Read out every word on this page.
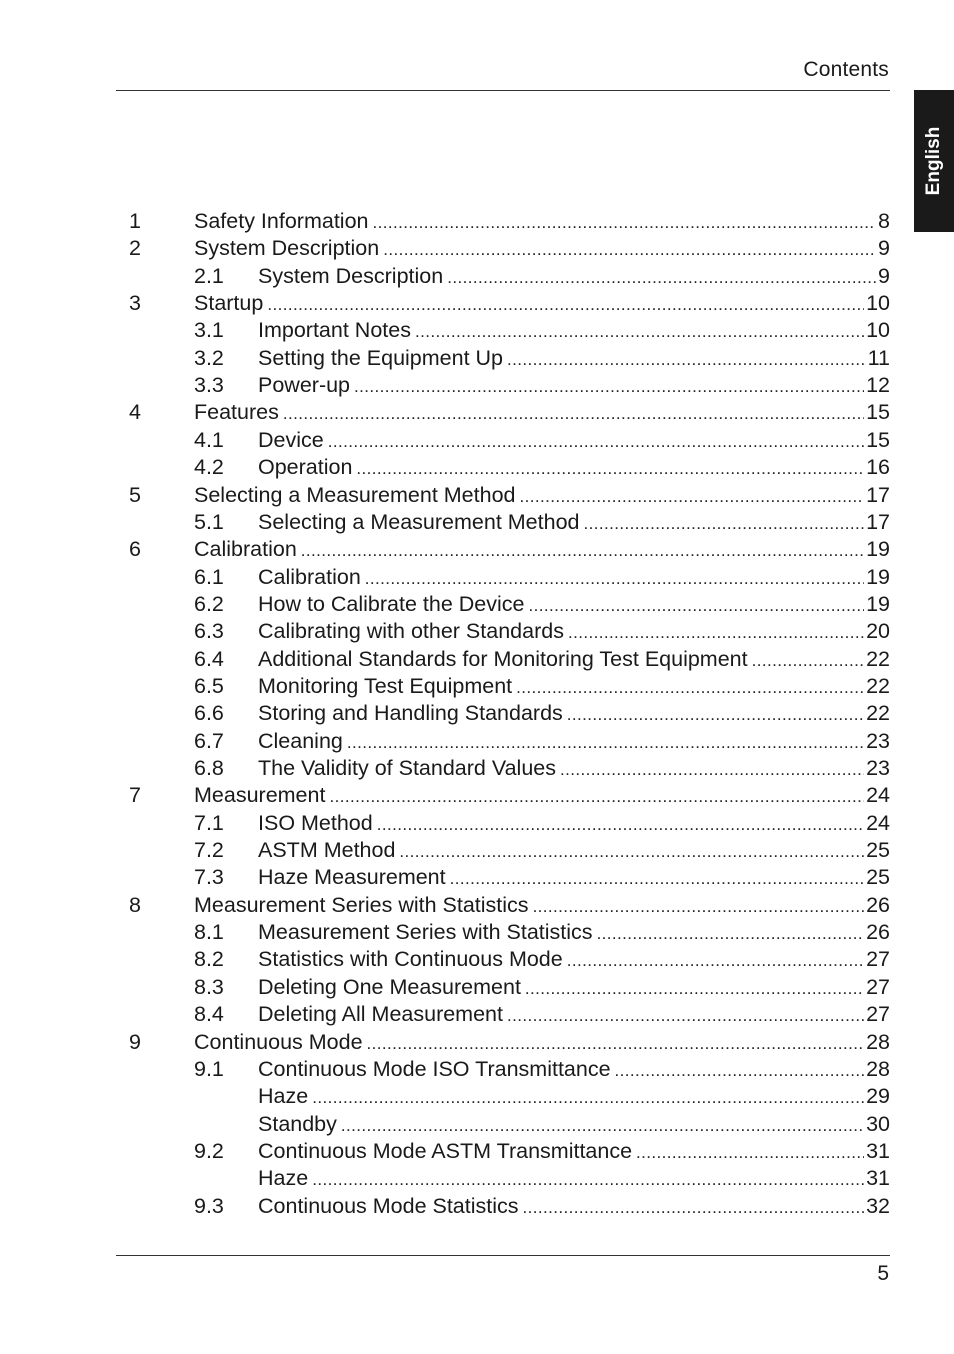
Contents
English
1 Safety Information .....	8
2 System Description .....	9
2.1 System Description .....	9
3 Startup .....	10
3.1 Important Notes .....	10
3.2 Setting the Equipment Up .....	11
3.3 Power-up .....	12
4 Features .....	15
4.1 Device .....	15
4.2 Operation .....	16
5 Selecting a Measurement Method .....	17
5.1 Selecting a Measurement Method .....	17
6 Calibration .....	19
6.1 Calibration .....	19
6.2 How to Calibrate the Device .....	19
6.3 Calibrating with other Standards .....	20
6.4 Additional Standards for Monitoring Test Equipment .....	22
6.5 Monitoring Test Equipment .....	22
6.6 Storing and Handling Standards .....	22
6.7 Cleaning .....	23
6.8 The Validity of Standard Values .....	23
7 Measurement .....	24
7.1 ISO Method .....	24
7.2 ASTM Method .....	25
7.3 Haze Measurement .....	25
8 Measurement Series with Statistics .....	26
8.1 Measurement Series with Statistics .....	26
8.2 Statistics with Continuous Mode .....	27
8.3 Deleting One Measurement .....	27
8.4 Deleting All Measurement .....	27
9 Continuous Mode .....	28
9.1 Continuous Mode ISO Transmittance .....	28
Haze .....	29
Standby .....	30
9.2 Continuous Mode ASTM Transmittance .....	31
Haze .....	31
9.3 Continuous Mode Statistics .....	32
5
